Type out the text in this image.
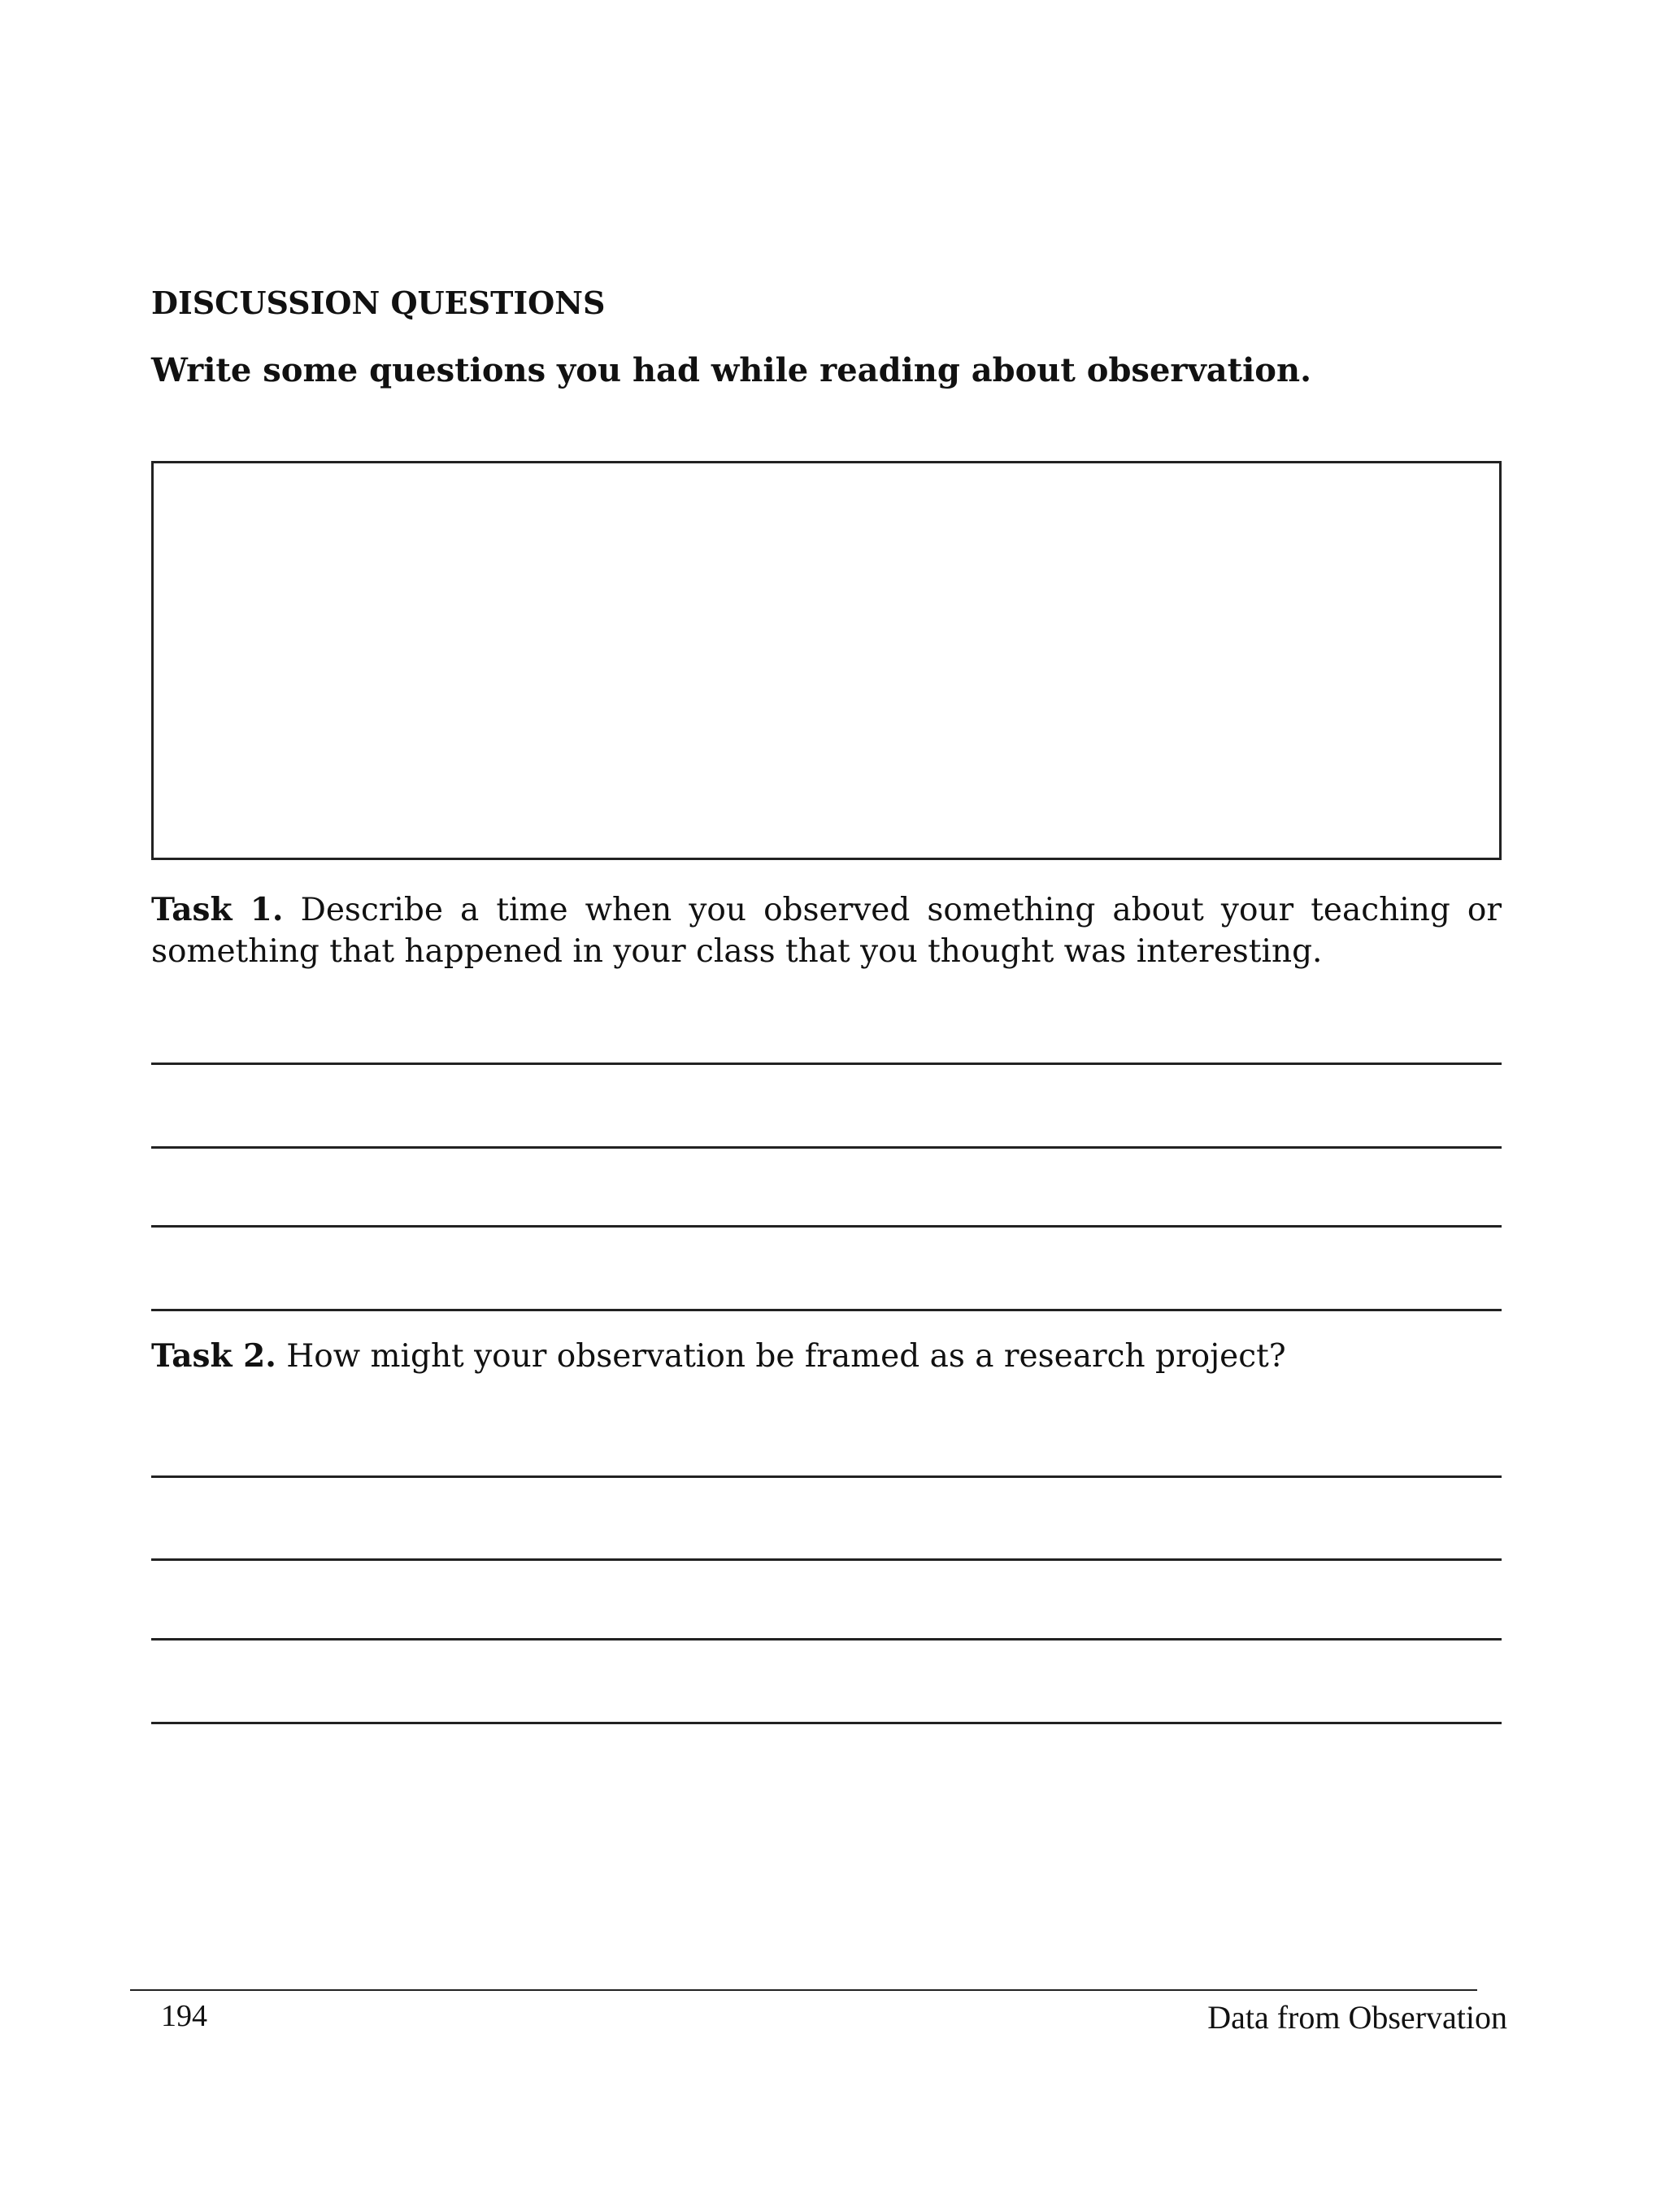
DISCUSSION QUESTIONS

Write some questions you had while reading about observation.

Task 1. Describe a time when you observed something about your teaching or something that happened in your class that you thought was interesting.

Task 2. How might your observation be framed as a research project?

194	Data from Observation
